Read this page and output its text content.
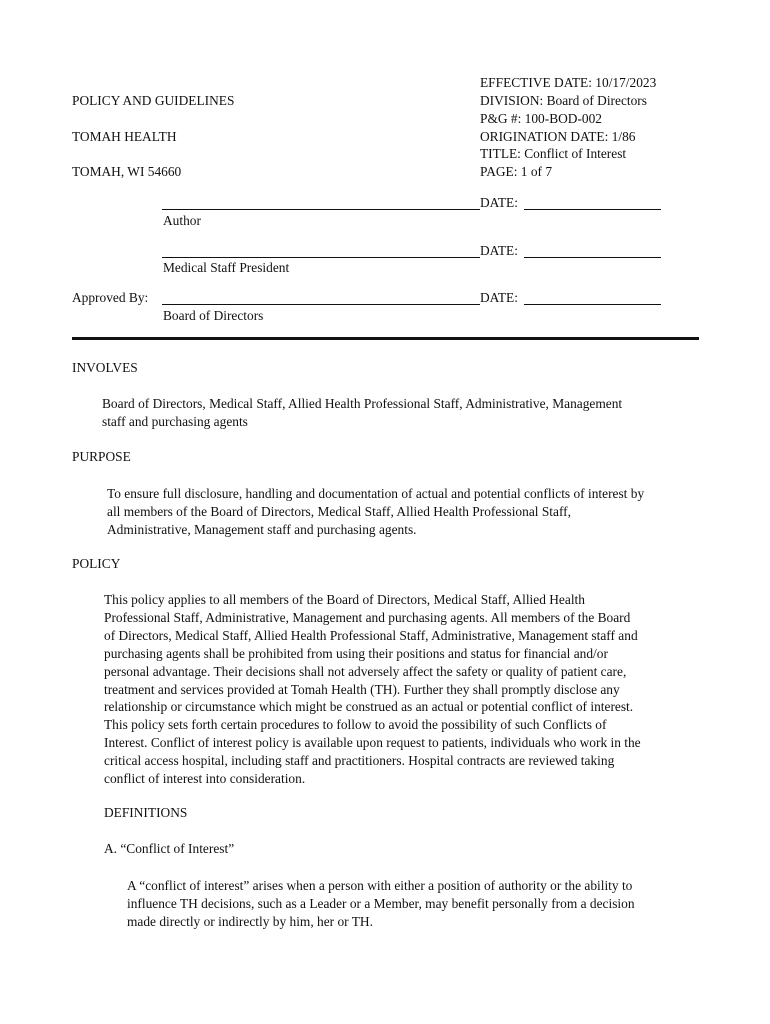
POLICY AND GUIDELINES
TOMAH HEALTH
TOMAH, WI 54660
EFFECTIVE DATE: 10/17/2023
DIVISION: Board of Directors
P&G #: 100-BOD-002
ORIGINATION DATE: 1/86
TITLE: Conflict of Interest
PAGE: 1 of 7
DATE:
Author
DATE:
Medical Staff President
Approved By:	DATE:
Board of Directors
INVOLVES

Board of Directors, Medical Staff, Allied Health Professional Staff, Administrative, Management

staff and purchasing agents

PURPOSE

To ensure full disclosure, handling and documentation of actual and potential conflicts of interest by

all members of the Board of Directors, Medical Staff, Allied Health Professional Staff,

Administrative, Management staff and purchasing agents.

POLICY

This policy applies to all members of the Board of Directors, Medical Staff, Allied Health

Professional Staff, Administrative, Management and purchasing agents. All members of the Board

of Directors, Medical Staff, Allied Health Professional Staff, Administrative, Management staff and

purchasing agents shall be prohibited from using their positions and status for financial and/or

personal advantage. Their decisions shall not adversely affect the safety or quality of patient care,

treatment and services provided at Tomah Health (TH). Further they shall promptly disclose any

relationship or circumstance which might be construed as an actual or potential conflict of interest.

This policy sets forth certain procedures to follow to avoid the possibility of such Conflicts of

Interest. Conflict of interest policy is available upon request to patients, individuals who work in the

critical access hospital, including staff and practitioners. Hospital contracts are reviewed taking

conflict of interest into consideration.

DEFINITIONS
A. “Conflict of Interest”

A “conflict of interest” arises when a person with either a position of authority or the ability to

influence TH decisions, such as a Leader or a Member, may benefit personally from a decision

made directly or indirectly by him, her or TH.
